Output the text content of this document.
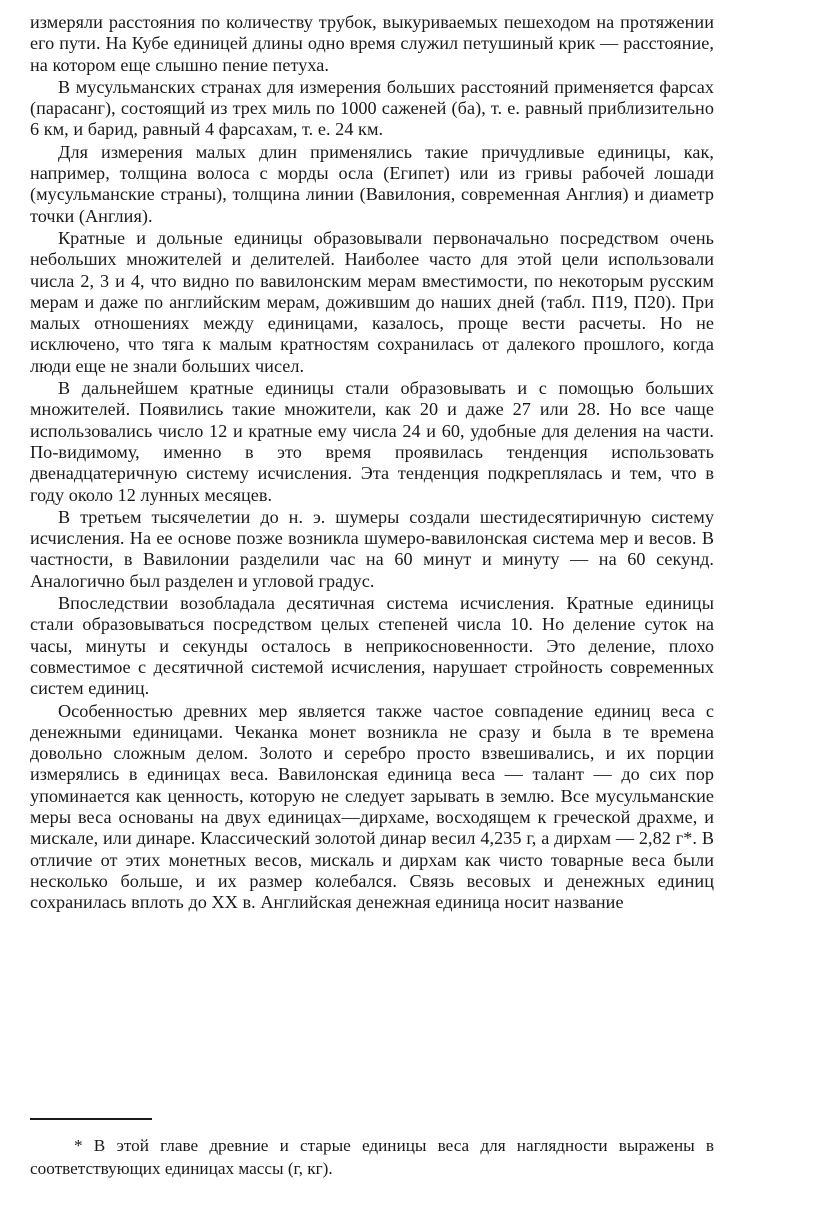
измеряли расстояния по количеству трубок, выкуриваемых пешеходом на протяжении его пути. На Кубе единицей длины одно время служил петушиный крик — расстояние, на котором еще слышно пение петуха.

В мусульманских странах для измерения больших расстояний применяется фарсах (парасанг), состоящий из трех миль по 1000 саженей (ба), т. е. равный приблизительно 6 км, и барид, равный 4 фарсахам, т. е. 24 км.

Для измерения малых длин применялись такие причудливые единицы, как, например, толщина волоса с морды осла (Египет) или из гривы рабочей лошади (мусульманские страны), толщина линии (Вавилония, современная Англия) и диаметр точки (Англия).

Кратные и дольные единицы образовывали первоначально посредством очень небольших множителей и делителей. Наиболее часто для этой цели использовали числа 2, 3 и 4, что видно по вавилонским мерам вместимости, по некоторым русским мерам и даже по английским мерам, дожившим до наших дней (табл. П19, П20). При малых отношениях между единицами, казалось, проще вести расчеты. Но не исключено, что тяга к малым кратностям сохранилась от далекого прошлого, когда люди еще не знали больших чисел.

В дальнейшем кратные единицы стали образовывать и с помощью больших множителей. Появились такие множители, как 20 и даже 27 или 28. Но все чаще использовались число 12 и кратные ему числа 24 и 60, удобные для деления на части. По-видимому, именно в это время проявилась тенденция использовать двенадцатеричную систему исчисления. Эта тенденция подкреплялась и тем, что в году около 12 лунных месяцев.

В третьем тысячелетии до н. э. шумеры создали шестидесятиричную систему исчисления. На ее основе позже возникла шумеро-вавилонская система мер и весов. В частности, в Вавилонии разделили час на 60 минут и минуту — на 60 секунд. Аналогично был разделен и угловой градус.

Впоследствии возобладала десятичная система исчисления. Кратные единицы стали образовываться посредством целых степеней числа 10. Но деление суток на часы, минуты и секунды осталось в неприкосновенности. Это деление, плохо совместимое с десятичной системой исчисления, нарушает стройность современных систем единиц.

Особенностью древних мер является также частое совпадение единиц веса с денежными единицами. Чеканка монет возникла не сразу и была в те времена довольно сложным делом. Золото и серебро просто взвешивались, и их порции измерялись в единицах веса. Вавилонская единица веса — талант — до сих пор упоминается как ценность, которую не следует зарывать в землю. Все мусульманские меры веса основаны на двух единицах—дирхаме, восходящем к греческой драхме, и мискале, или динаре. Классический золотой динар весил 4,235 г, а дирхам — 2,82 г*. В отличие от этих монетных весов, мискаль и дирхам как чисто товарные веса были несколько больше, и их размер колебался. Связь весовых и денежных единиц сохранилась вплоть до XX в. Английская денежная единица носит название

* В этой главе древние и старые единицы веса для наглядности выражены в соответствующих единицах массы (г, кг).
